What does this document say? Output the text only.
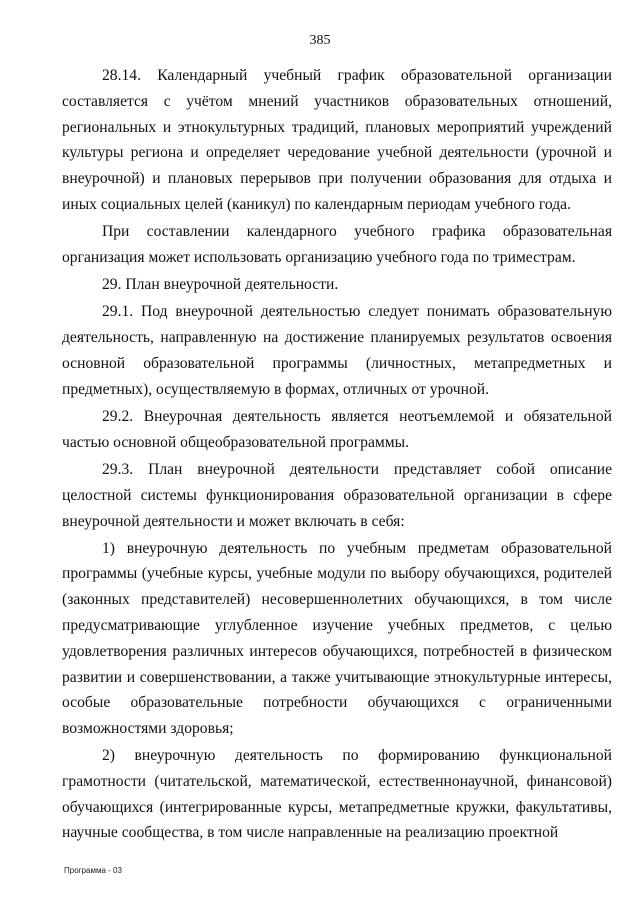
385

28.14. Календарный учебный график образовательной организации составляется с учётом мнений участников образовательных отношений, региональных и этнокультурных традиций, плановых мероприятий учреждений культуры региона и определяет чередование учебной деятельности (урочной и внеурочной) и плановых перерывов при получении образования для отдыха и иных социальных целей (каникул) по календарным периодам учебного года.

При составлении календарного учебного графика образовательная организация может использовать организацию учебного года по триместрам.

29. План внеурочной деятельности.

29.1. Под внеурочной деятельностью следует понимать образовательную деятельность, направленную на достижение планируемых результатов освоения основной образовательной программы (личностных, метапредметных и предметных), осуществляемую в формах, отличных от урочной.

29.2. Внеурочная деятельность является неотъемлемой и обязательной частью основной общеобразовательной программы.

29.3. План внеурочной деятельности представляет собой описание целостной системы функционирования образовательной организации в сфере внеурочной деятельности и может включать в себя:

1) внеурочную деятельность по учебным предметам образовательной программы (учебные курсы, учебные модули по выбору обучающихся, родителей (законных представителей) несовершеннолетних обучающихся, в том числе предусматривающие углубленное изучение учебных предметов, с целью удовлетворения различных интересов обучающихся, потребностей в физическом развитии и совершенствовании, а также учитывающие этнокультурные интересы, особые образовательные потребности обучающихся с ограниченными возможностями здоровья;

2) внеурочную деятельность по формированию функциональной грамотности (читательской, математической, естественнонаучной, финансовой) обучающихся (интегрированные курсы, метапредметные кружки, факультативы, научные сообщества, в том числе направленные на реализацию проектной

Программа - 03
